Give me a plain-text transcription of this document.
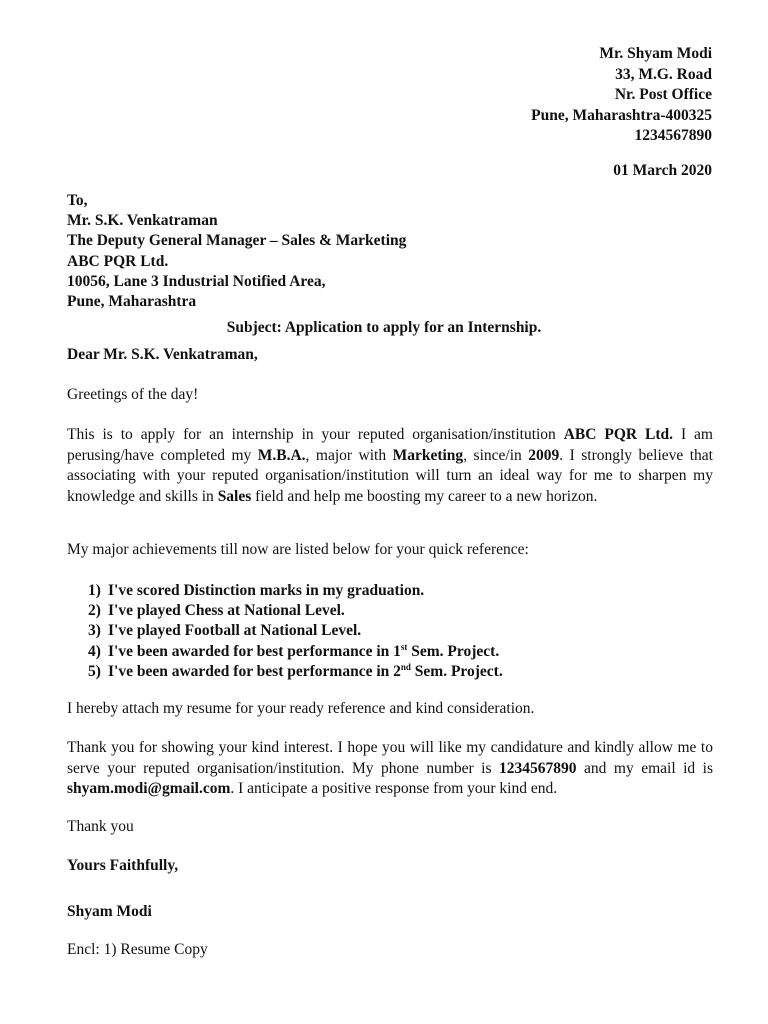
Mr. Shyam Modi
33, M.G. Road
Nr. Post Office
Pune, Maharashtra-400325
1234567890
01 March 2020
To,
Mr. S.K. Venkatraman
The Deputy General Manager – Sales & Marketing
ABC PQR Ltd.
10056, Lane 3 Industrial Notified Area,
Pune, Maharashtra
Subject: Application to apply for an Internship.
Dear Mr. S.K. Venkatraman,
Greetings of the day!
This is to apply for an internship in your reputed organisation/institution ABC PQR Ltd. I am perusing/have completed my M.B.A., major with Marketing, since/in 2009. I strongly believe that associating with your reputed organisation/institution will turn an ideal way for me to sharpen my knowledge and skills in Sales field and help me boosting my career to a new horizon.
My major achievements till now are listed below for your quick reference:
1) I've scored Distinction marks in my graduation.
2) I've played Chess at National Level.
3) I've played Football at National Level.
4) I've been awarded for best performance in 1st Sem. Project.
5) I've been awarded for best performance in 2nd Sem. Project.
I hereby attach my resume for your ready reference and kind consideration.
Thank you for showing your kind interest. I hope you will like my candidature and kindly allow me to serve your reputed organisation/institution. My phone number is 1234567890 and my email id is shyam.modi@gmail.com. I anticipate a positive response from your kind end.
Thank you
Yours Faithfully,
Shyam Modi
Encl: 1) Resume Copy
